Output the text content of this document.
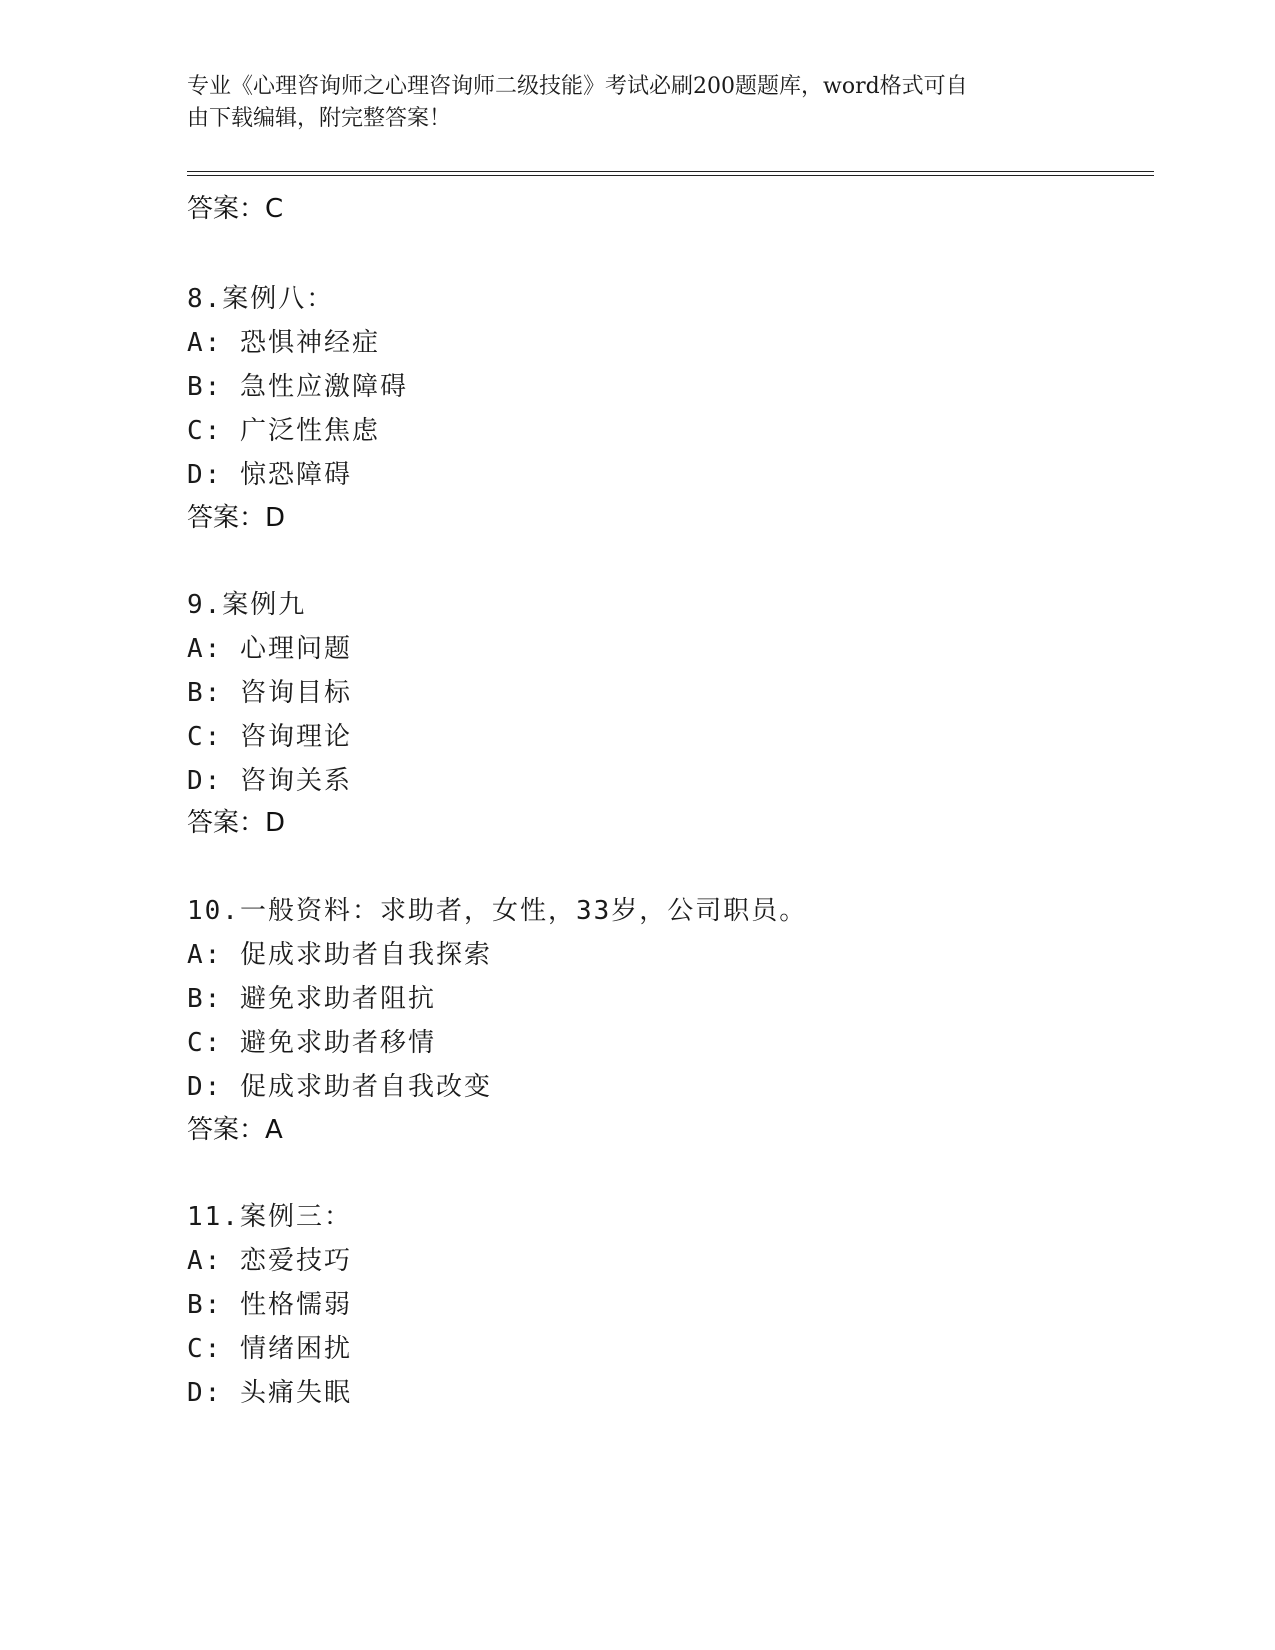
专业《心理咨询师之心理咨询师二级技能》考试必刷200题题库，word格式可自
由下载编辑，附完整答案！
答案：C
8.案例八：
A: 恐惧神经症
B: 急性应激障碍
C: 广泛性焦虑
D: 惊恐障碍
答案：D
9.案例九
A: 心理问题
B: 咨询目标
C: 咨询理论
D: 咨询关系
答案：D
10.一般资料：求助者，女性，33岁，公司职员。
A: 促成求助者自我探索
B: 避免求助者阻抗
C: 避免求助者移情
D: 促成求助者自我改变
答案：A
11.案例三：
A: 恋爱技巧
B: 性格懦弱
C: 情绪困扰
D: 头痛失眠
